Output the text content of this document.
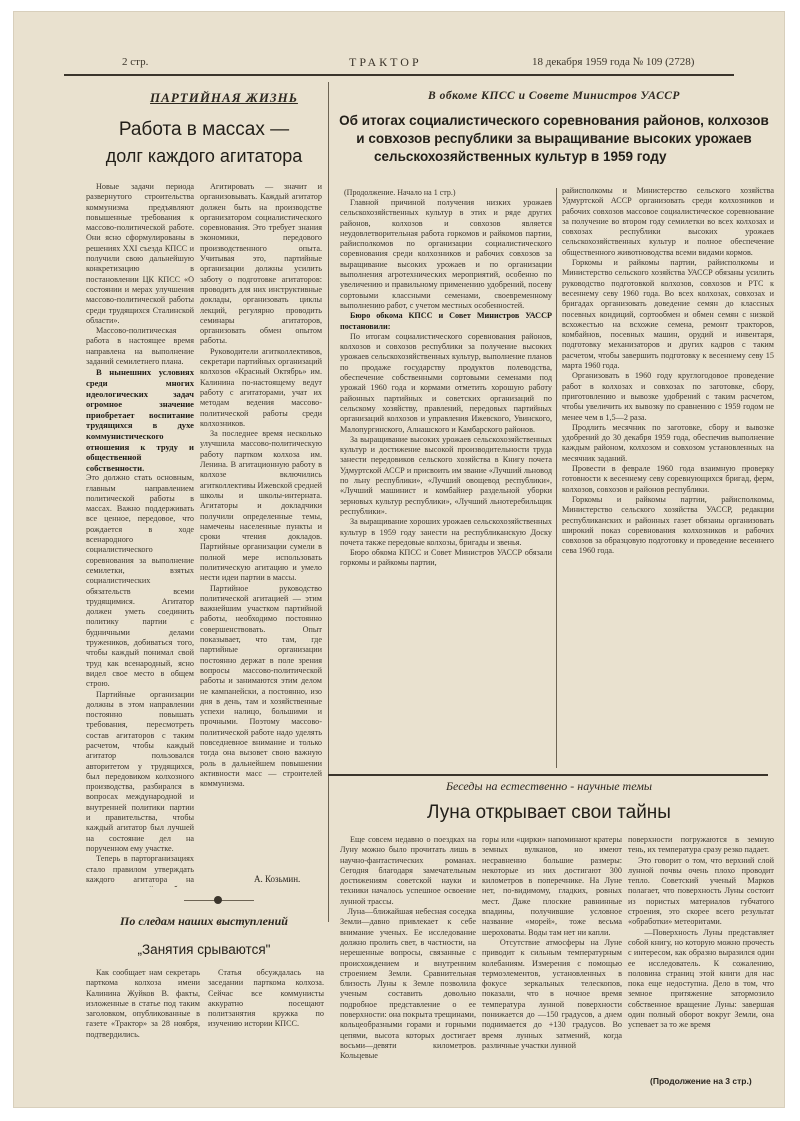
2 стр.	ТРАКТОР	18 декабря 1959 года № 109 (2728)
ПАРТИЙНАЯ ЖИЗНЬ
Работа в массах —
долг каждого агитатора

Новые задачи периода развернутого строительства коммунизма предъявляют повышенные требования к массово-политической работе. Они ясно сформулированы в решениях XXI съезда КПСС и получили свою дальнейшую конкретизацию в постановлении ЦК КПСС «О состоянии и мерах улучшения массово-политической работы среди трудящихся Сталинской области».

Массово-политическая работа в настоящее время направлена на выполнение заданий семилетнего плана.

В нынешних условиях среди многих идеологических задач огромное значение приобретает воспитание трудящихся в духе коммунистического отношения к труду и общественной собственности.

Это должно стать основным, главным направлением политической работы в массах. Важно поддерживать все ценное, передовое, что рождается в ходе всенародного социалистического соревнования за выполнение семилетки, взятых социалистических обязательств всеми трудящимися. Агитатор должен уметь соединить политику партии с будничными делами тружеников, добиваться того, чтобы каждый понимал свой труд как всенародный, ясно видел свое место в общем строю.

Партийные организации должны в этом направлении постоянно повышать требования, пересмотреть состав агитаторов с таким расчетом, чтобы каждый агитатор пользовался авторитетом у трудящихся, был передовиком колхозного производства, разбирался в вопросах международной и внутренней политики партии и правительства, чтобы каждый агитатор был лучшей на состояние дел на порученном ему участке.

Теперь в парторганизациях стало правилом утверждать каждого агитатора на

Агитировать — значит и организовывать. Каждый агитатор должен быть на производстве организатором социалистического соревнования. Это требует знания экономики, передового производственного опыта. Учитывая это, партийные организации должны усилить заботу о подготовке агитаторов: проводить для них инструктивные доклады, организовать циклы лекций, регулярно проводить семинары агитаторов, организовать обмен опытом работы.

Руководители агитколлективов, секретари партийных организаций колхозов «Красный Октябрь» им. Калинина по-настоящему ведут работу с агитаторами, учат их методам ведения массово-политической работы среди колхозников.

За последнее время несколько улучшила массово-политическую работу партком колхоза им. Ленина. В агитационную работу в колхозе включились агитколлективы Ижевской средней школы и школы-интерната. Агитаторы и докладчики получили определенные темы, намечены населенные пункты и сроки чтения докладов. Партийные организации сумели в полной мере использовать политическую агитацию и умело нести идеи партии в массы.

Партийное руководство политической агитацией — этим важнейшим участком партийной работы, необходимо постоянно совершенствовать. Опыт показывает, что там, где партийные организации постоянно держат в поле зрения вопросы массово-политической работы и занимаются этим делом не кампанейски, а постоянно, изо дня в день, там и хозяйственные успехи налицо, большими и прочными. Поэтому массово-политической работе надо уделять повседневное внимание и только тогда она вызовет свою важную роль в дальнейшем повышении активности масс — строителей коммунизма.

А. Козьмин.
По следам наших выступлений
„Занятия срываются"
Как сообщает нам секретарь парткома колхоза имени Калинина Жуйков В. факты, изложенные в статье под таким заголовком, опубликованные в газете «Трактор» за 28 ноября, подтвердились.
Статья обсуждалась на заседании парткома колхоза. Сейчас все коммунисты аккуратно посещают политзанятия кружка по изучению истории КПСС.
В обкоме КПСС и Совете Министров УАССР
Об итогах социалистического соревнования районов, колхозов
и совхозов республики за выращивание высоких урожаев
сельскохозяйственных культур в 1959 году
(Продолжение. Начало на 1 стр.)

Главной причиной получения низких урожаев сельскохозяйственных культур в этих и ряде других районов, колхозов и совхозов является неудовлетворительная работа горкомов и райкомов партии, райисполкомов по организации социалистического соревнования среди колхозников и рабочих совхозов за выращивание высоких урожаев и по организации выполнения агротехнических мероприятий, особенно по увеличению и правильному применению удобрений, посеву сортовыми классными семенами, своевременному выполнению работ, с учетом местных особенностей.

Бюро обкома КПСС и Совет Министров УАССР постановили:

По итогам социалистического соревнования районов, колхозов и совхозов республики за получение высоких урожаев сельскохозяйственных культур, выполнение планов по продаже государству продуктов полеводства, обеспечение собственными сортовыми семенами под урожай 1960 года и кормами отметить хорошую работу районных партийных и советских организаций по сельскому хозяйству, правлений, передовых партийных организаций колхозов и управления Ижевского, Увинского, Малопургинского, Алнашского и Камбарского районов.

За выращивание высоких урожаев сельскохозяйственных культур и достижение высокой производительности труда занести передовиков сельского хозяйства в Книгу почета Удмуртской АССР и присвоить им звание «Лучший льновод по льну республики», «Лучший овощевод республики», «Лучший машинист и комбайнер раздельной уборки зерновых культур республики», «Лучший льнотеребильщик республики».

За выращивание хороших урожаев сельскохозяйственных культур в 1959 году занести на республиканскую Доску почета также передовые колхозы, бригады и звенья.

Бюро обкома КПСС и Совет Министров УАССР обязали горкомы и райкомы партии,

райисполкомы и Министерство сельского хозяйства Удмуртской АССР организовать среди колхозников и рабочих совхозов массовое социалистическое соревнование за получение во втором году семилетки во всех колхозах и совхозах республики высоких урожаев сельскохозяйственных культур и полное обеспечение общественного животноводства всеми видами кормов.

Горкомы и райкомы партии, райисполкомы и Министерство сельского хозяйства УАССР обязаны усилить руководство подготовкой колхозов, совхозов и РТС к весеннему севу 1960 года. Во всех колхозах, совхозах и бригадах организовать доведение семян до классных посевных кондиций, сортообмен и обмен семян с низкой всхожестью на всхожие семена, ремонт тракторов, комбайнов, посевных машин, орудий и инвентаря, подготовку механизаторов и других кадров с таким расчетом, чтобы завершить подготовку к весеннему севу 15 марта 1960 года.

Организовать в 1960 году круглогодовое проведение работ в колхозах и совхозах по заготовке, сбору, приготовлению и вывозке удобрений с таким расчетом, чтобы увеличить их вывозку по сравнению с 1959 годом не менее чем в 1,5—2 раза.

Продлить месячник по заготовке, сбору и вывозке удобрений до 30 декабря 1959 года, обеспечив выполнение каждым районом, колхозом и совхозом установленных на месячник заданий.

Провести в феврале 1960 года взаимную проверку готовности к весеннему севу соревнующихся бригад, ферм, колхозов, совхозов и районов республики.

Горкомы и райкомы партии, райисполкомы, Министерство сельского хозяйства УАССР, редакции республиканских и районных газет обязаны организовать широкий показ соревнования колхозников и рабочих совхозов за образцовую подготовку и проведение весеннего сева 1960 года.

Беседы на естественно - научные темы
Луна открывает свои тайны
Еще совсем недавно о поездках на Луну можно было прочитать лишь в научно-фантастических романах. Сегодня благодаря замечательным достижениям советской науки и техники началось успешное освоение лунной трассы.
Луна—ближайшая небесная соседка Земли—давно привлекает к себе внимание ученых. Ее исследование должно пролить свет, в частности, на нерешенные вопросы, связанные с происхождением и внутренним строением Земли. Сравнительная близость Луны к Земле позволила ученым составить довольно подробное представление о ее поверхности: она покрыта трещинами, кольцеобразными горами и горными цепями, высота которых достигает восьми—девяти километров. Кольцевые
горы или «цирки» напоминают кратеры земных вулканов, но имеют несравненно большие размеры: некоторые из них достигают 300 километров в поперечнике. На Луне нет, по-видимому, гладких, ровных мест. Даже плоские равнинные впадины, получившие условное название «морей», тоже весьма шероховаты. Воды там нет ни капли.
Отсутствие атмосферы на Луне приводит к сильным температурным колебаниям. Измерения с помощью термоэлементов, установленных в фокусе зеркальных телескопов, показали, что в ночное время температура лунной поверхности понижается до —150 градусов, а днем поднимается до +130 градусов. Во время лунных затмений, когда различные участки лунной
поверхности погружаются в земную тень, их температура сразу резко падает.
Это говорит о том, что верхний слой лунной почвы очень плохо проводит тепло. Советский ученый Марков полагает, что поверхность Луны состоит из пористых материалов губчатого строения, это скорее всего результат «обработки» метеоритами.
—Поверхность Луны представляет собой книгу, но которую можно прочесть с интересом, как образно выразился один ее исследователь. К сожалению, половина страниц этой книги для нас пока еще недоступна. Дело в том, что земное притяжение затормозило собственное вращение Луны: завершая один полный оборот вокруг Земли, она успевает за то же время
(Продолжение на 3 стр.)
